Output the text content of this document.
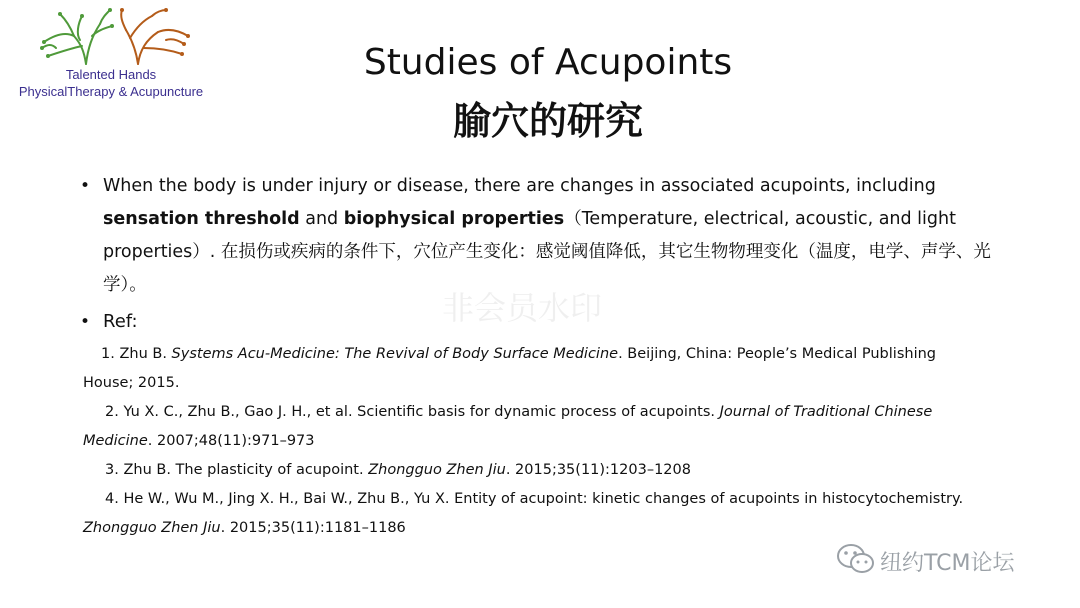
Talented Hands
PhysicalTherapy & Acupuncture
Studies of Acupoints
腧穴的研究
非会员水印
• When the body is under injury or disease, there are changes in associated acupoints, including sensation threshold and biophysical properties（Temperature, electrical, acoustic, and light properties）. 在损伤或疾病的条件下，穴位产生变化：感觉阈值降低，其它生物物理变化（温度，电学、声学、光学）。
• Ref:
1. Zhu B. Systems Acu-Medicine: The Revival of Body Surface Medicine. Beijing, China: People’s Medical Publishing House; 2015.
2. Yu X. C., Zhu B., Gao J. H., et al. Scientific basis for dynamic process of acupoints. Journal of Traditional Chinese Medicine. 2007;48(11):971–973
3. Zhu B. The plasticity of acupoint. Zhongguo Zhen Jiu. 2015;35(11):1203–1208
4. He W., Wu M., Jing X. H., Bai W., Zhu B., Yu X. Entity of acupoint: kinetic changes of acupoints in histocytochemistry. Zhongguo Zhen Jiu. 2015;35(11):1181–1186
纽约TCM论坛
